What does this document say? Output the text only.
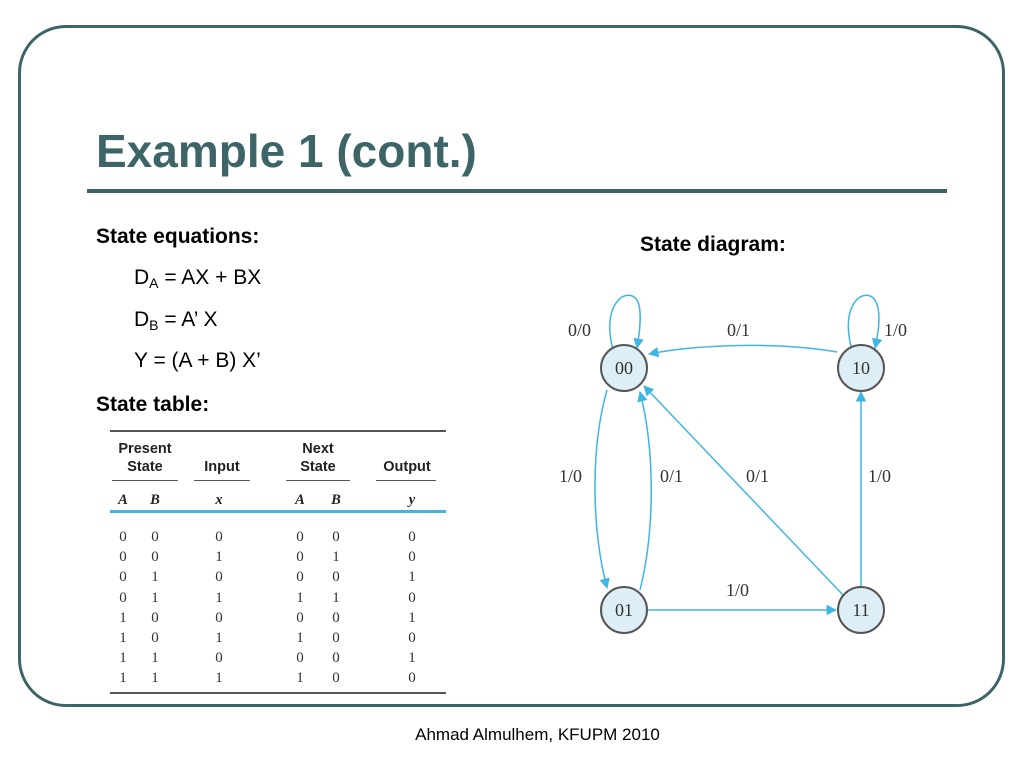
Example 1 (cont.)
State equations:
$D_A$ = AX + BX
$D_B = A$’ X
Y = (A + B) X’
State table:
Present
State	Input
Next
State	Output
A	B	x	A	B	y
0	0	0	0	0	0
0	0	1	0	1	0
0	1	0	0	0	1
0	1	1	1	1	0
1	0	0	0	0	1
1	0	1	1	0	0
1	1	0	0	0	1
1	1	1	1	0	0
State diagram:
0/0	1/0
0/1
1/0	0/1	0/1	1/0
1/0
00	10
01	11
Ahmad Almulhem, KFUPM 2010
